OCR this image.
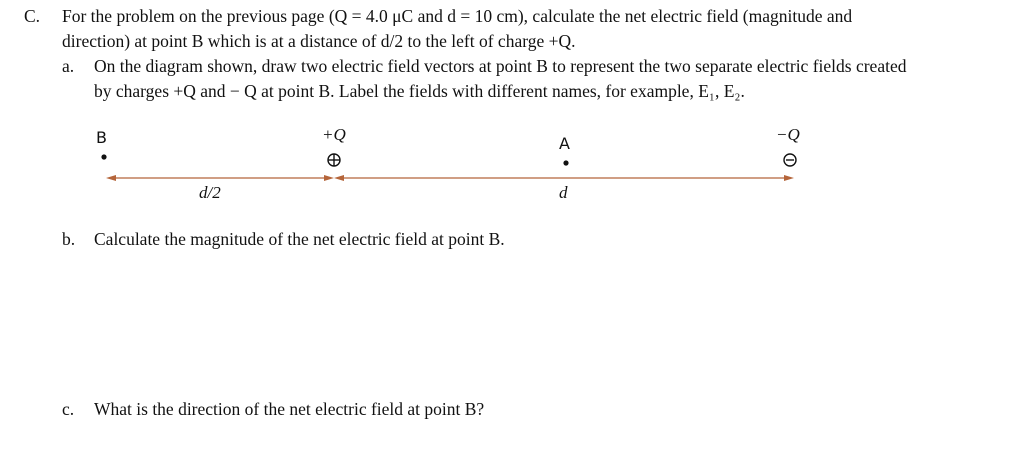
C. For the problem on the previous page (Q = 4.0 μC and d = 10 cm), calculate the net electric field (magnitude and
direction) at point B which is at a distance of d/2 to the left of charge +Q.
a. On the diagram shown, draw two electric field vectors at point B to represent the two separate electric fields created
by charges +Q and − Q at point B. Label the fields with different names, for example, E₁, E₂.
B	+Q	A	−Q
d/2	d
b. Calculate the magnitude of the net electric field at point B.
c. What is the direction of the net electric field at point B?
